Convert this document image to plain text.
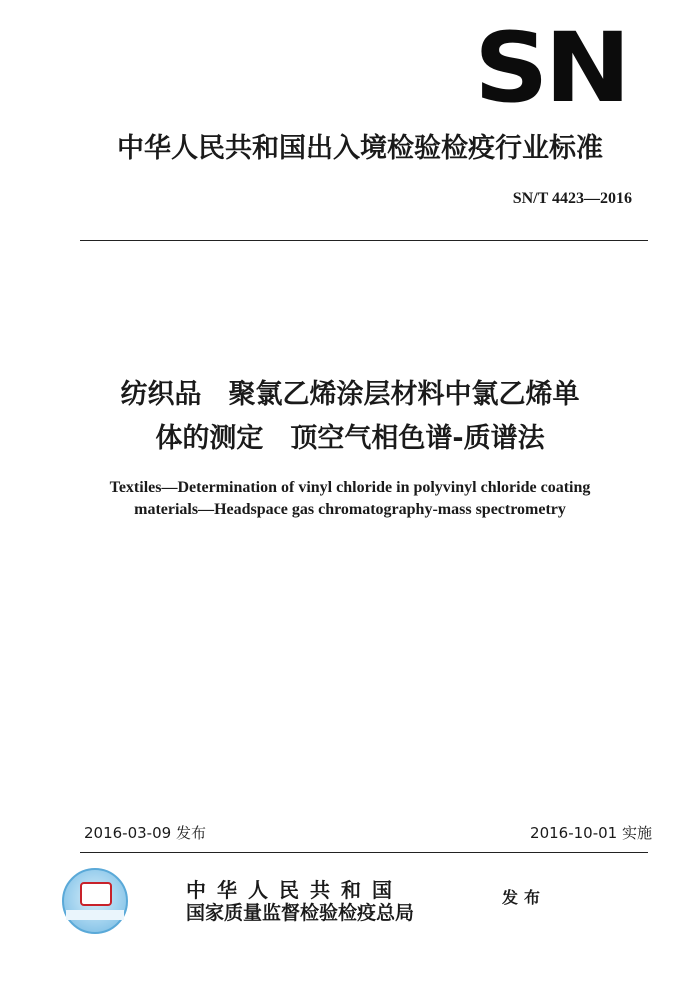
SN
中华人民共和国出入境检验检疫行业标准
SN/T 4423—2016
纺织品　聚氯乙烯涂层材料中氯乙烯单
体的测定　顶空气相色谱-质谱法
Textiles—Determination of vinyl chloride in polyvinyl chloride coating
materials—Headspace gas chromatography-mass spectrometry
2016-03-09 发布	2016-10-01 实施
中华人民共和国
国家质量监督检验检疫总局
发布
